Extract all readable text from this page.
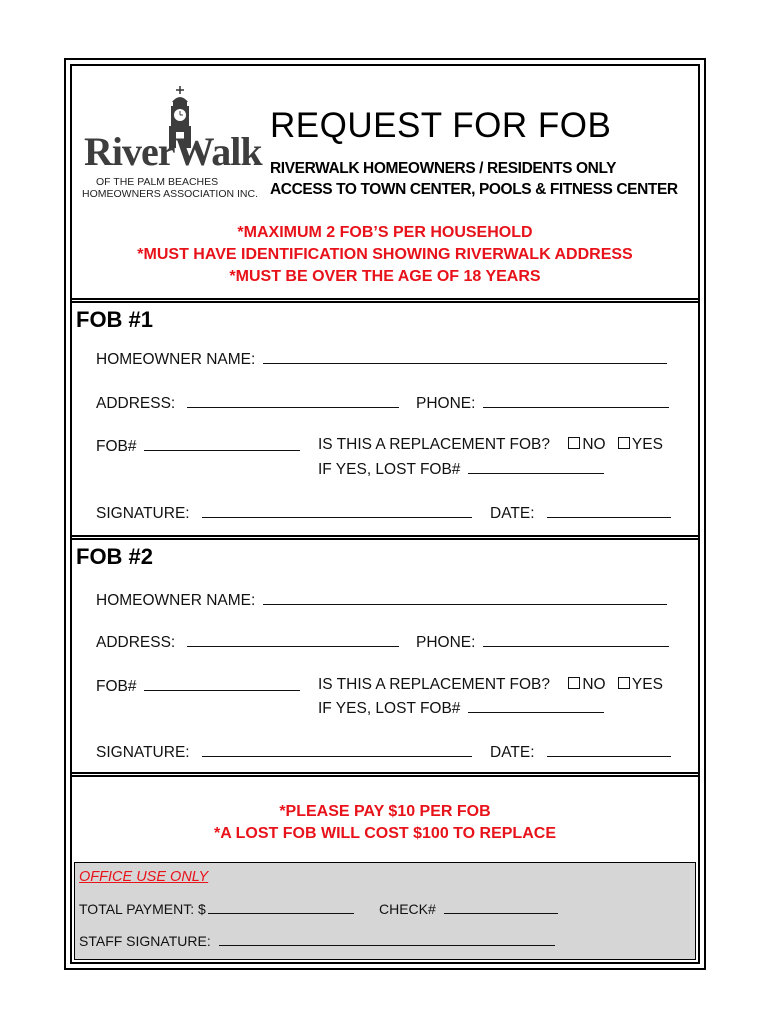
RiverWalk
OF THE PALM BEACHES
HOMEOWNERS ASSOCIATION INC.
REQUEST FOR FOB
RIVERWALK HOMEOWNERS / RESIDENTS ONLY
ACCESS TO TOWN CENTER, POOLS & FITNESS CENTER
*MAXIMUM 2 FOB’S PER HOUSEHOLD
*MUST HAVE IDENTIFICATION SHOWING RIVERWALK ADDRESS
*MUST BE OVER THE AGE OF 18 YEARS
FOB #1
HOMEOWNER NAME:
ADDRESS:	PHONE:
FOB#	IS THIS A REPLACEMENT FOB? NO YES
IF YES, LOST FOB#
SIGNATURE:	DATE:
FOB #2
HOMEOWNER NAME:
ADDRESS:	PHONE:
FOB#	IS THIS A REPLACEMENT FOB? NO YES
IF YES, LOST FOB#
SIGNATURE:	DATE:
*PLEASE PAY $10 PER FOB
*A LOST FOB WILL COST $100 TO REPLACE
OFFICE USE ONLY
TOTAL PAYMENT: $	CHECK#
STAFF SIGNATURE:
